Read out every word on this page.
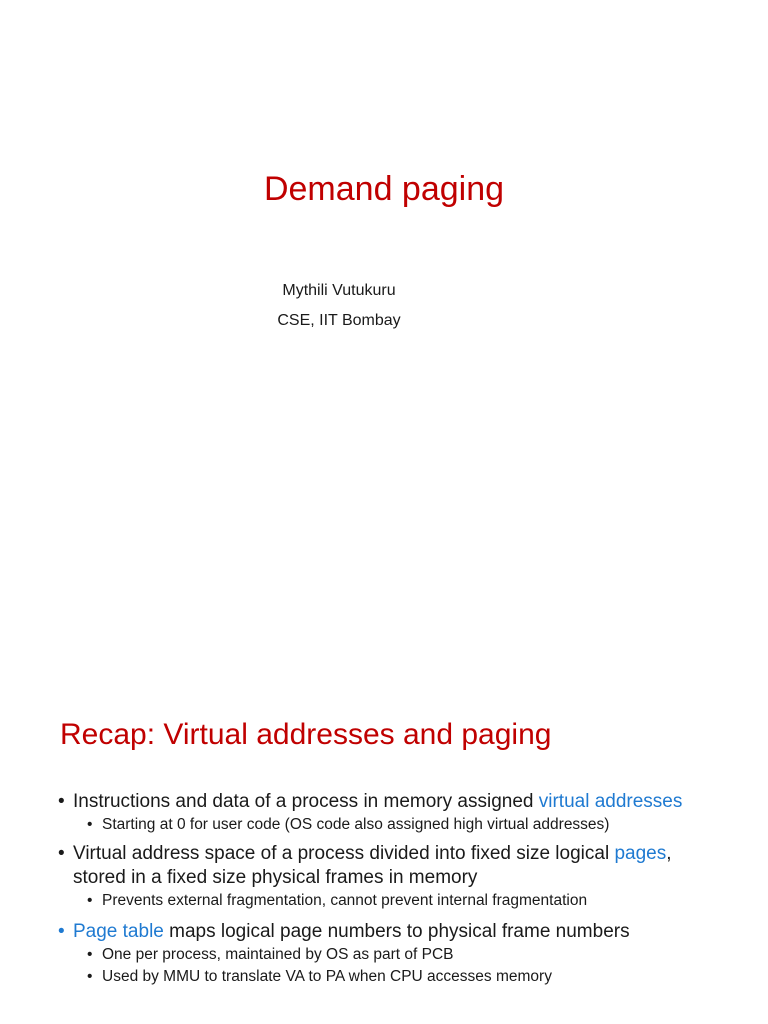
Demand paging
Mythili Vutukuru
CSE, IIT Bombay
Recap: Virtual addresses and paging

• Instructions and data of a process in memory assigned virtual addresses

• Starting at 0 for user code (OS code also assigned high virtual addresses)

• Virtual address space of a process divided into fixed size logical pages,
stored in a fixed size physical frames in memory

• Prevents external fragmentation, cannot prevent internal fragmentation

• Page table maps logical page numbers to physical frame numbers

• One per process, maintained by OS as part of PCB

• Used by MMU to translate VA to PA when CPU accesses memory
